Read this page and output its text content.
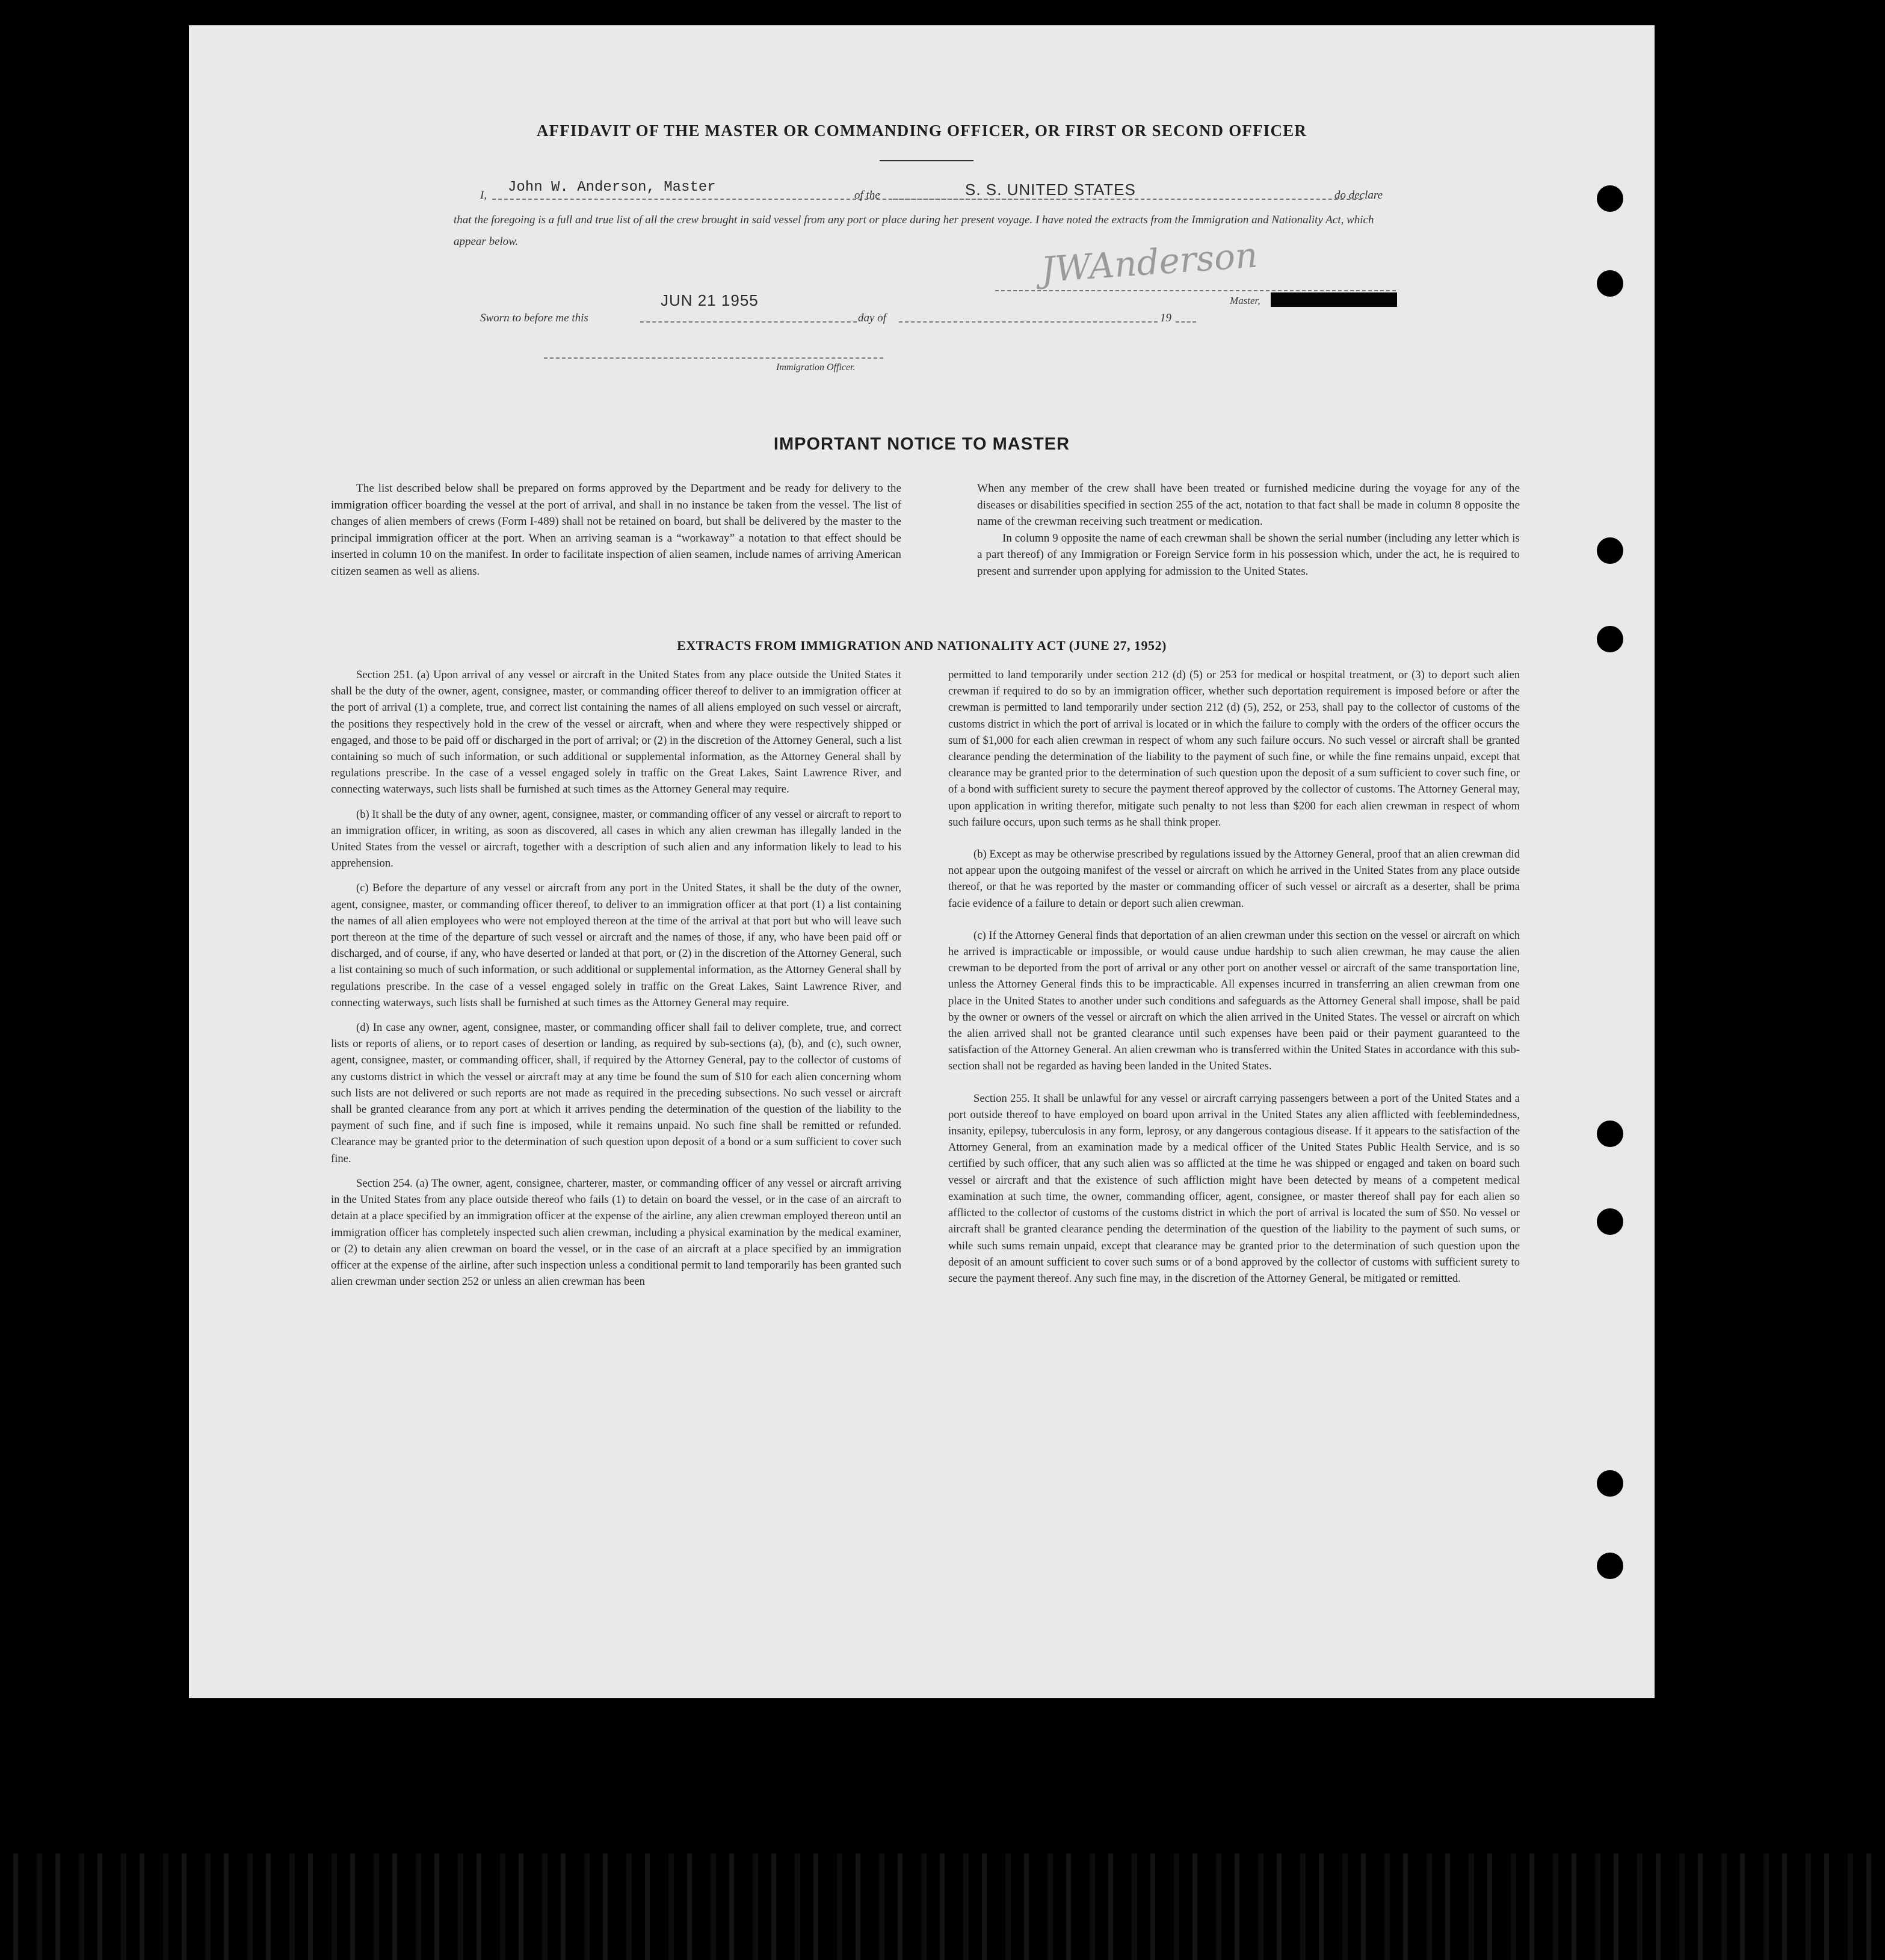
AFFIDAVIT OF THE MASTER OR COMMANDING OFFICER, OR FIRST OR SECOND OFFICER
I, John W. Anderson, Master	of the	S. S. UNITED STATES	do declare
that the foregoing is a full and true list of all the crew brought in said vessel from any port or place during her present voyage. I have noted the extracts from the Immigration and Nationality Act, which appear below.	JWAnderson
Master,
Sworn to before me this
JUN 21 1955
day of	19
Immigration Officer.
IMPORTANT NOTICE TO MASTER

The list described below shall be prepared on forms approved by the Department and be ready for delivery to the immigration officer boarding the vessel at the port of arrival, and shall in no instance be taken from the vessel. The list of changes of alien members of crews (Form I-489) shall not be retained on board, but shall be delivered by the master to the principal immigration officer at the port. When an arriving seaman is a “workaway” a notation to that effect should be inserted in column 10 on the manifest. In order to facilitate inspection of alien seamen, include names of arriving American citizen seamen as well as aliens.

When any member of the crew shall have been treated or furnished medicine during the voyage for any of the diseases or disabilities specified in section 255 of the act, notation to that fact shall be made in column 8 opposite the name of the crewman receiving such treatment or medication.

In column 9 opposite the name of each crewman shall be shown the serial number (including any letter which is a part thereof) of any Immigration or Foreign Service form in his possession which, under the act, he is required to present and surrender upon applying for admission to the United States.

EXTRACTS FROM IMMIGRATION AND NATIONALITY ACT (JUNE 27, 1952)

Section 251. (a) Upon arrival of any vessel or aircraft in the United States from any place outside the United States it shall be the duty of the owner, agent, consignee, master, or commanding officer thereof to deliver to an immigration officer at the port of arrival (1) a complete, true, and correct list containing the names of all aliens employed on such vessel or aircraft, the positions they respectively hold in the crew of the vessel or aircraft, when and where they were respectively shipped or engaged, and those to be paid off or discharged in the port of arrival; or (2) in the discretion of the Attorney General, such a list containing so much of such information, or such additional or supplemental information, as the Attorney General shall by regulations prescribe. In the case of a vessel engaged solely in traffic on the Great Lakes, Saint Lawrence River, and connecting waterways, such lists shall be furnished at such times as the Attorney General may require.

(b) It shall be the duty of any owner, agent, consignee, master, or commanding officer of any vessel or aircraft to report to an immigration officer, in writing, as soon as discovered, all cases in which any alien crewman has illegally landed in the United States from the vessel or aircraft, together with a description of such alien and any information likely to lead to his apprehension.

(c) Before the departure of any vessel or aircraft from any port in the United States, it shall be the duty of the owner, agent, consignee, master, or commanding officer thereof, to deliver to an immigration officer at that port (1) a list containing the names of all alien employees who were not employed thereon at the time of the arrival at that port but who will leave such port thereon at the time of the departure of such vessel or aircraft and the names of those, if any, who have been paid off or discharged, and of course, if any, who have deserted or landed at that port, or (2) in the discretion of the Attorney General, such a list containing so much of such information, or such additional or supplemental information, as the Attorney General shall by regulations prescribe. In the case of a vessel engaged solely in traffic on the Great Lakes, Saint Lawrence River, and connecting waterways, such lists shall be furnished at such times as the Attorney General may require.

(d) In case any owner, agent, consignee, master, or commanding officer shall fail to deliver complete, true, and correct lists or reports of aliens, or to report cases of desertion or landing, as required by sub-sections (a), (b), and (c), such owner, agent, consignee, master, or commanding officer, shall, if required by the Attorney General, pay to the collector of customs of any customs district in which the vessel or aircraft may at any time be found the sum of $10 for each alien concerning whom such lists are not delivered or such reports are not made as required in the preceding subsections. No such vessel or aircraft shall be granted clearance from any port at which it arrives pending the determination of the question of the liability to the payment of such fine, and if such fine is imposed, while it remains unpaid. No such fine shall be remitted or refunded. Clearance may be granted prior to the determination of such question upon deposit of a bond or a sum sufficient to cover such fine.

Section 254. (a) The owner, agent, consignee, charterer, master, or commanding officer of any vessel or aircraft arriving in the United States from any place outside thereof who fails (1) to detain on board the vessel, or in the case of an aircraft to detain at a place specified by an immigration officer at the expense of the airline, any alien crewman employed thereon until an immigration officer has completely inspected such alien crewman, including a physical examination by the medical examiner, or (2) to detain any alien crewman on board the vessel, or in the case of an aircraft at a place specified by an immigration officer at the expense of the airline, after such inspection unless a conditional permit to land temporarily has been granted such alien crewman under section 252 or unless an alien crewman has been

permitted to land temporarily under section 212 (d) (5) or 253 for medical or hospital treatment, or (3) to deport such alien crewman if required to do so by an immigration officer, whether such deportation requirement is imposed before or after the crewman is permitted to land temporarily under section 212 (d) (5), 252, or 253, shall pay to the collector of customs of the customs district in which the port of arrival is located or in which the failure to comply with the orders of the officer occurs the sum of $1,000 for each alien crewman in respect of whom any such failure occurs. No such vessel or aircraft shall be granted clearance pending the determination of the liability to the payment of such fine, or while the fine remains unpaid, except that clearance may be granted prior to the determination of such question upon the deposit of a sum sufficient to cover such fine, or of a bond with sufficient surety to secure the payment thereof approved by the collector of customs. The Attorney General may, upon application in writing therefor, mitigate such penalty to not less than $200 for each alien crewman in respect of whom such failure occurs, upon such terms as he shall think proper.

(b) Except as may be otherwise prescribed by regulations issued by the Attorney General, proof that an alien crewman did not appear upon the outgoing manifest of the vessel or aircraft on which he arrived in the United States from any place outside thereof, or that he was reported by the master or commanding officer of such vessel or aircraft as a deserter, shall be prima facie evidence of a failure to detain or deport such alien crewman.

(c) If the Attorney General finds that deportation of an alien crewman under this section on the vessel or aircraft on which he arrived is impracticable or impossible, or would cause undue hardship to such alien crewman, he may cause the alien crewman to be deported from the port of arrival or any other port on another vessel or aircraft of the same transportation line, unless the Attorney General finds this to be impracticable. All expenses incurred in transferring an alien crewman from one place in the United States to another under such conditions and safeguards as the Attorney General shall impose, shall be paid by the owner or owners of the vessel or aircraft on which the alien arrived in the United States. The vessel or aircraft on which the alien arrived shall not be granted clearance until such expenses have been paid or their payment guaranteed to the satisfaction of the Attorney General. An alien crewman who is transferred within the United States in accordance with this sub-section shall not be regarded as having been landed in the United States.

Section 255. It shall be unlawful for any vessel or aircraft carrying passengers between a port of the United States and a port outside thereof to have employed on board upon arrival in the United States any alien afflicted with feeblemindedness, insanity, epilepsy, tuberculosis in any form, leprosy, or any dangerous contagious disease. If it appears to the satisfaction of the Attorney General, from an examination made by a medical officer of the United States Public Health Service, and is so certified by such officer, that any such alien was so afflicted at the time he was shipped or engaged and taken on board such vessel or aircraft and that the existence of such affliction might have been detected by means of a competent medical examination at such time, the owner, commanding officer, agent, consignee, or master thereof shall pay for each alien so afflicted to the collector of customs of the customs district in which the port of arrival is located the sum of $50. No vessel or aircraft shall be granted clearance pending the determination of the question of the liability to the payment of such sums, or while such sums remain unpaid, except that clearance may be granted prior to the determination of such question upon the deposit of an amount sufficient to cover such sums or of a bond approved by the collector of customs with sufficient surety to secure the payment thereof. Any such fine may, in the discretion of the Attorney General, be mitigated or remitted.
